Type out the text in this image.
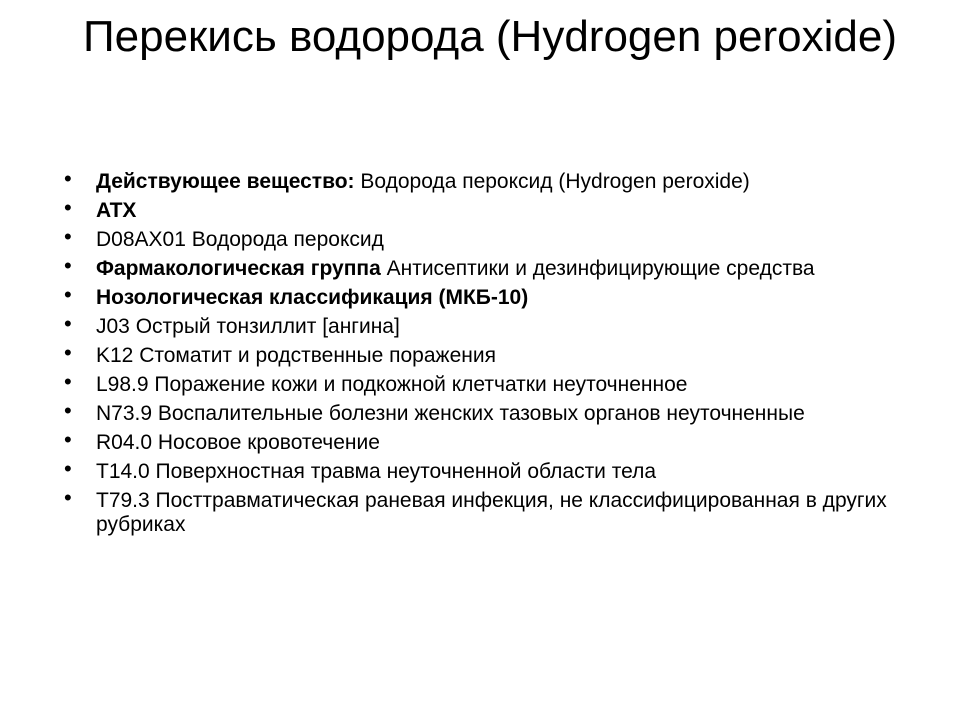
Перекись водорода (Hydrogen peroxide)
• Действующее вещество: Водорода пероксид (Hydrogen peroxide)
• ATX
• D08AX01 Водорода пероксид
• Фармакологическая группа Антисептики и дезинфицирующие средства
• Нозологическая классификация (МКБ-10)
• J03 Острый тонзиллит [ангина]
• K12 Стоматит и родственные поражения
• L98.9 Поражение кожи и подкожной клетчатки неуточненное
• N73.9 Воспалительные болезни женских тазовых органов неуточненные
• R04.0 Носовое кровотечение
• T14.0 Поверхностная травма неуточненной области тела
• T79.3 Посттравматическая раневая инфекция, не классифицированная в других рубриках
